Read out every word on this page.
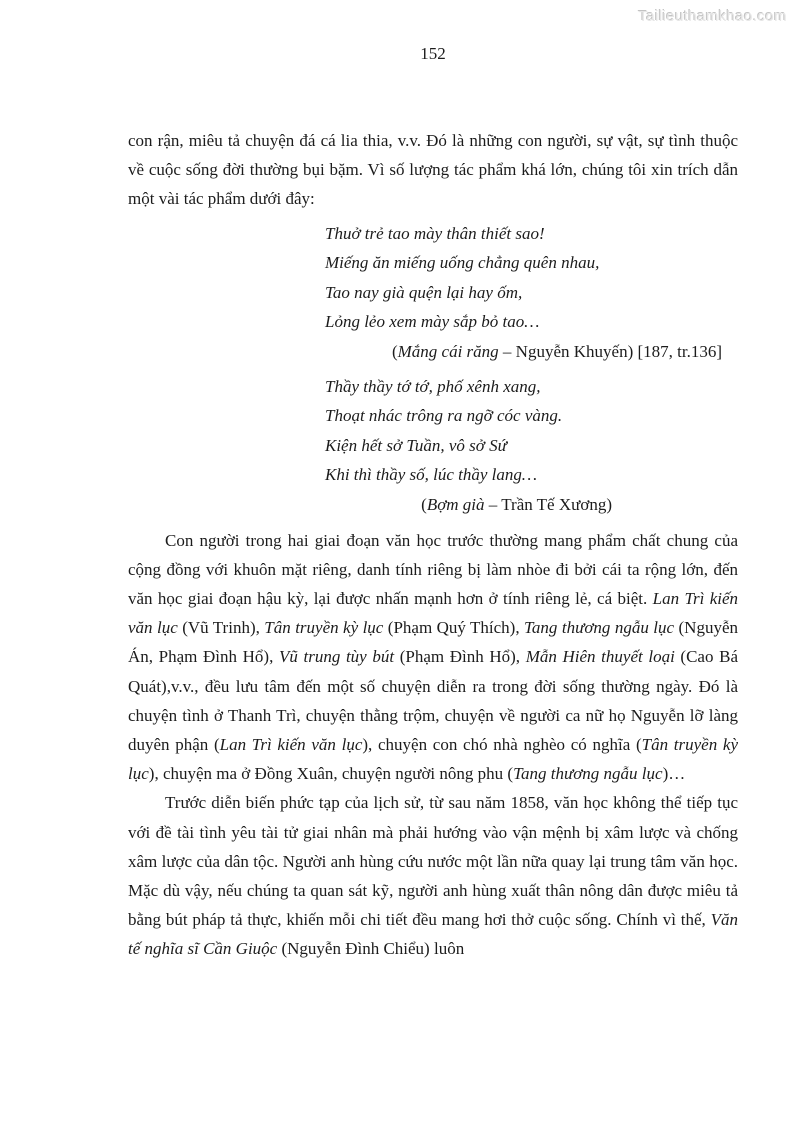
Tailieuthamkhao.com
152

con rận, miêu tả chuyện đá cá lia thia, v.v. Đó là những con người, sự vật, sự tình thuộc về cuộc sống đời thường bụi bặm. Vì số lượng tác phẩm khá lớn, chúng tôi xin trích dẫn một vài tác phẩm dưới đây:

Thuở trẻ tao mày thân thiết sao!
Miếng ăn miếng uống chẳng quên nhau,
Tao nay già quện lại hay ốm,
Lỏng lẻo xem mày sắp bỏ tao…
(Mắng cái răng – Nguyễn Khuyến) [187, tr.136]
Thầy thầy tớ tớ, phố xênh xang,
Thoạt nhác trông ra ngỡ cóc vàng.
Kiện hết sở Tuần, vô sở Sứ
Khi thì thầy số, lúc thầy lang…
(Bợm già – Trần Tế Xương)

Con người trong hai giai đoạn văn học trước thường mang phẩm chất chung của cộng đồng với khuôn mặt riêng, danh tính riêng bị làm nhòe đi bởi cái ta rộng lớn, đến văn học giai đoạn hậu kỳ, lại được nhấn mạnh hơn ở tính riêng lẻ, cá biệt. Lan Trì kiến văn lục (Vũ Trinh), Tân truyền kỳ lục (Phạm Quý Thích), Tang thương ngẫu lục (Nguyễn Án, Phạm Đình Hổ), Vũ trung tùy bút (Phạm Đình Hổ), Mẫn Hiên thuyết loại (Cao Bá Quát),v.v., đều lưu tâm đến một số chuyện diễn ra trong đời sống thường ngày. Đó là chuyện tình ở Thanh Trì, chuyện thằng trộm, chuyện về người ca nữ họ Nguyễn lỡ làng duyên phận (Lan Trì kiến văn lục), chuyện con chó nhà nghèo có nghĩa (Tân truyền kỳ lục), chuyện ma ở Đồng Xuân, chuyện người nông phu (Tang thương ngẫu lục)…

Trước diễn biến phức tạp của lịch sử, từ sau năm 1858, văn học không thể tiếp tục với đề tài tình yêu tài tử giai nhân mà phải hướng vào vận mệnh bị xâm lược và chống xâm lược của dân tộc. Người anh hùng cứu nước một lần nữa quay lại trung tâm văn học. Mặc dù vậy, nếu chúng ta quan sát kỹ, người anh hùng xuất thân nông dân được miêu tả bằng bút pháp tả thực, khiến mỗi chi tiết đều mang hơi thở cuộc sống. Chính vì thế, Văn tế nghĩa sĩ Cần Giuộc (Nguyễn Đình Chiểu) luôn
